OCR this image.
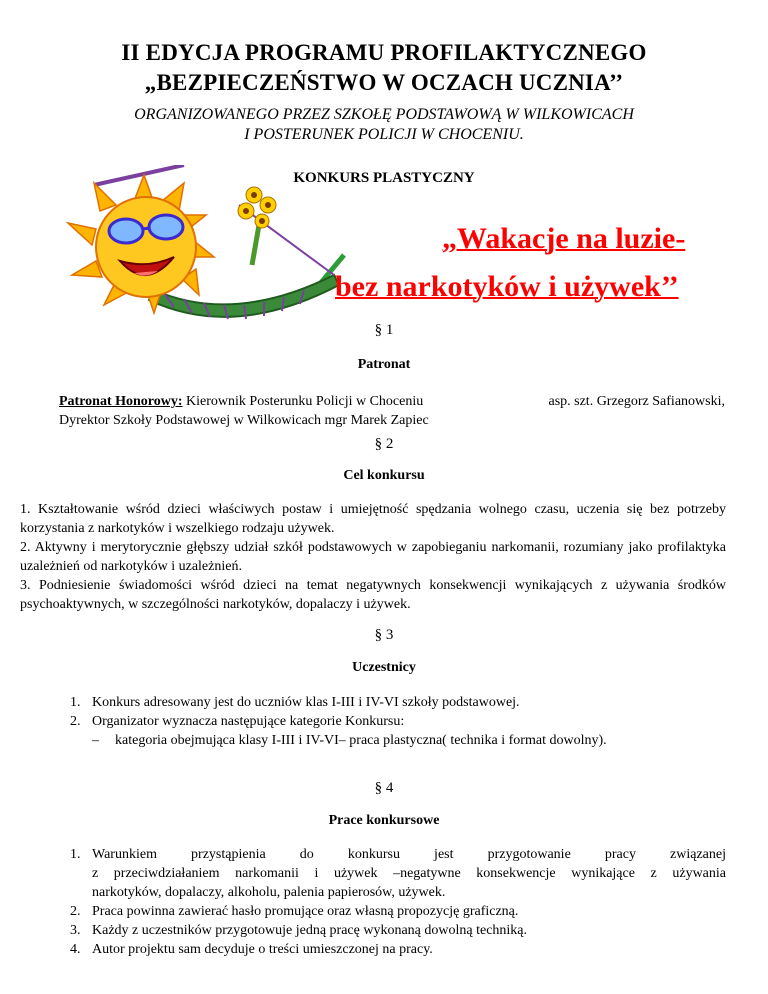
II EDYCJA PROGRAMU PROFILAKTYCZNEGO
„BEZPIECZEŃSTWO W OCZACH UCZNIA’’
ORGANIZOWANEGO PRZEZ SZKOŁĘ PODSTAWOWĄ W WILKOWICACH
I POSTERUNEK POLICJI W CHOCENIU.
KONKURS PLASTYCZNY
„Wakacje na luzie-
bez narkotyków i używek’’
§ 1
Patronat
Patronat Honorowy: Kierownik Posterunku Policji w Choceniu	asp. szt. Grzegorz Safianowski,
Dyrektor Szkoły Podstawowej w Wilkowicach mgr Marek Zapiec
§ 2
Cel konkursu
1. Kształtowanie wśród dzieci właściwych postaw i umiejętność spędzania wolnego czasu, uczenia się bez potrzeby korzystania z narkotyków i wszelkiego rodzaju używek.
2. Aktywny i merytorycznie głębszy udział szkół podstawowych w zapobieganiu narkomanii, rozumiany jako profilaktyka uzależnień od narkotyków i uzależnień.
3. Podniesienie świadomości wśród dzieci na temat negatywnych konsekwencji wynikających z używania środków psychoaktywnych, w szczególności narkotyków, dopalaczy i używek.
§ 3
Uczestnicy
1. Konkurs adresowany jest do uczniów klas I-III i IV-VI szkoły podstawowej.
2. Organizator wyznacza następujące kategorie Konkursu:
– kategoria obejmująca klasy I-III i IV-VI– praca plastyczna( technika i format dowolny).
§ 4
Prace konkursowe
1. Warunkiem przystąpienia do konkursu jest przygotowanie pracy związanej
z przeciwdziałaniem narkomanii i używek –negatywne konsekwencje wynikające z używania
narkotyków, dopalaczy, alkoholu, palenia papierosów, używek.
2. Praca powinna zawierać hasło promujące oraz własną propozycję graficzną.
3. Każdy z uczestników przygotowuje jedną pracę wykonaną dowolną techniką.
4. Autor projektu sam decyduje o treści umieszczonej na pracy.
